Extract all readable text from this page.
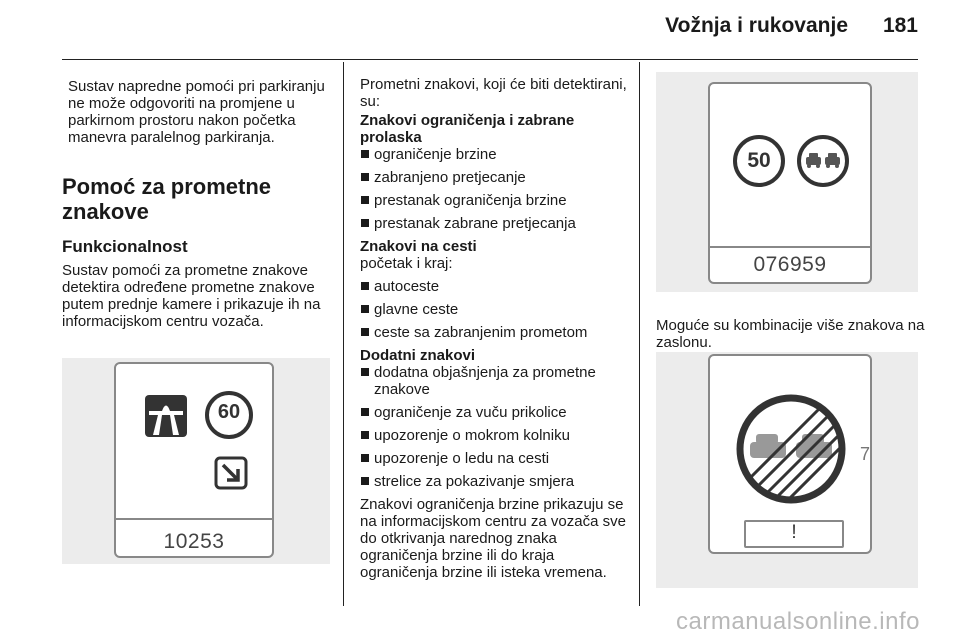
Vožnja i rukovanje 181

Sustav napredne pomoći pri parkiranju ne može odgovoriti na promjene u parkirnom prostoru nakon početka manevra paralelnog parkiranja.

Pomoć za prometne
znakove
Funkcionalnost

Sustav pomoći za prometne znakove detektira određene prometne znakove putem prednje kamere i prikazuje ih na informacijskom centru vozača.

60
10253

Prometni znakovi, koji će biti detektirani, su:

Znakovi ograničenja i zabrane prolaska

ograničenje brzine
zabranjeno pretjecanje
prestanak ograničenja brzine
prestanak zabrane pretjecanja

Znakovi na cesti

početak i kraj:

autoceste
glavne ceste
ceste sa zabranjenim prometom

Dodatni znakovi

dodatna objašnjenja za prometne znakove
ograničenje za vuču prikolice
upozorenje o mokrom kolniku
upozorenje o ledu na cesti
strelice za pokazivanje smjera

Znakovi ograničenja brzine prikazuju se na informacijskom centru za vozača sve do otkrivanja narednog znaka ograničenja brzine ili do kraja ograničenja brzine ili isteka vremena.

50
076959

Moguće su kombinacije više znakova na zaslonu.

7
!
carmanualsonline.info
